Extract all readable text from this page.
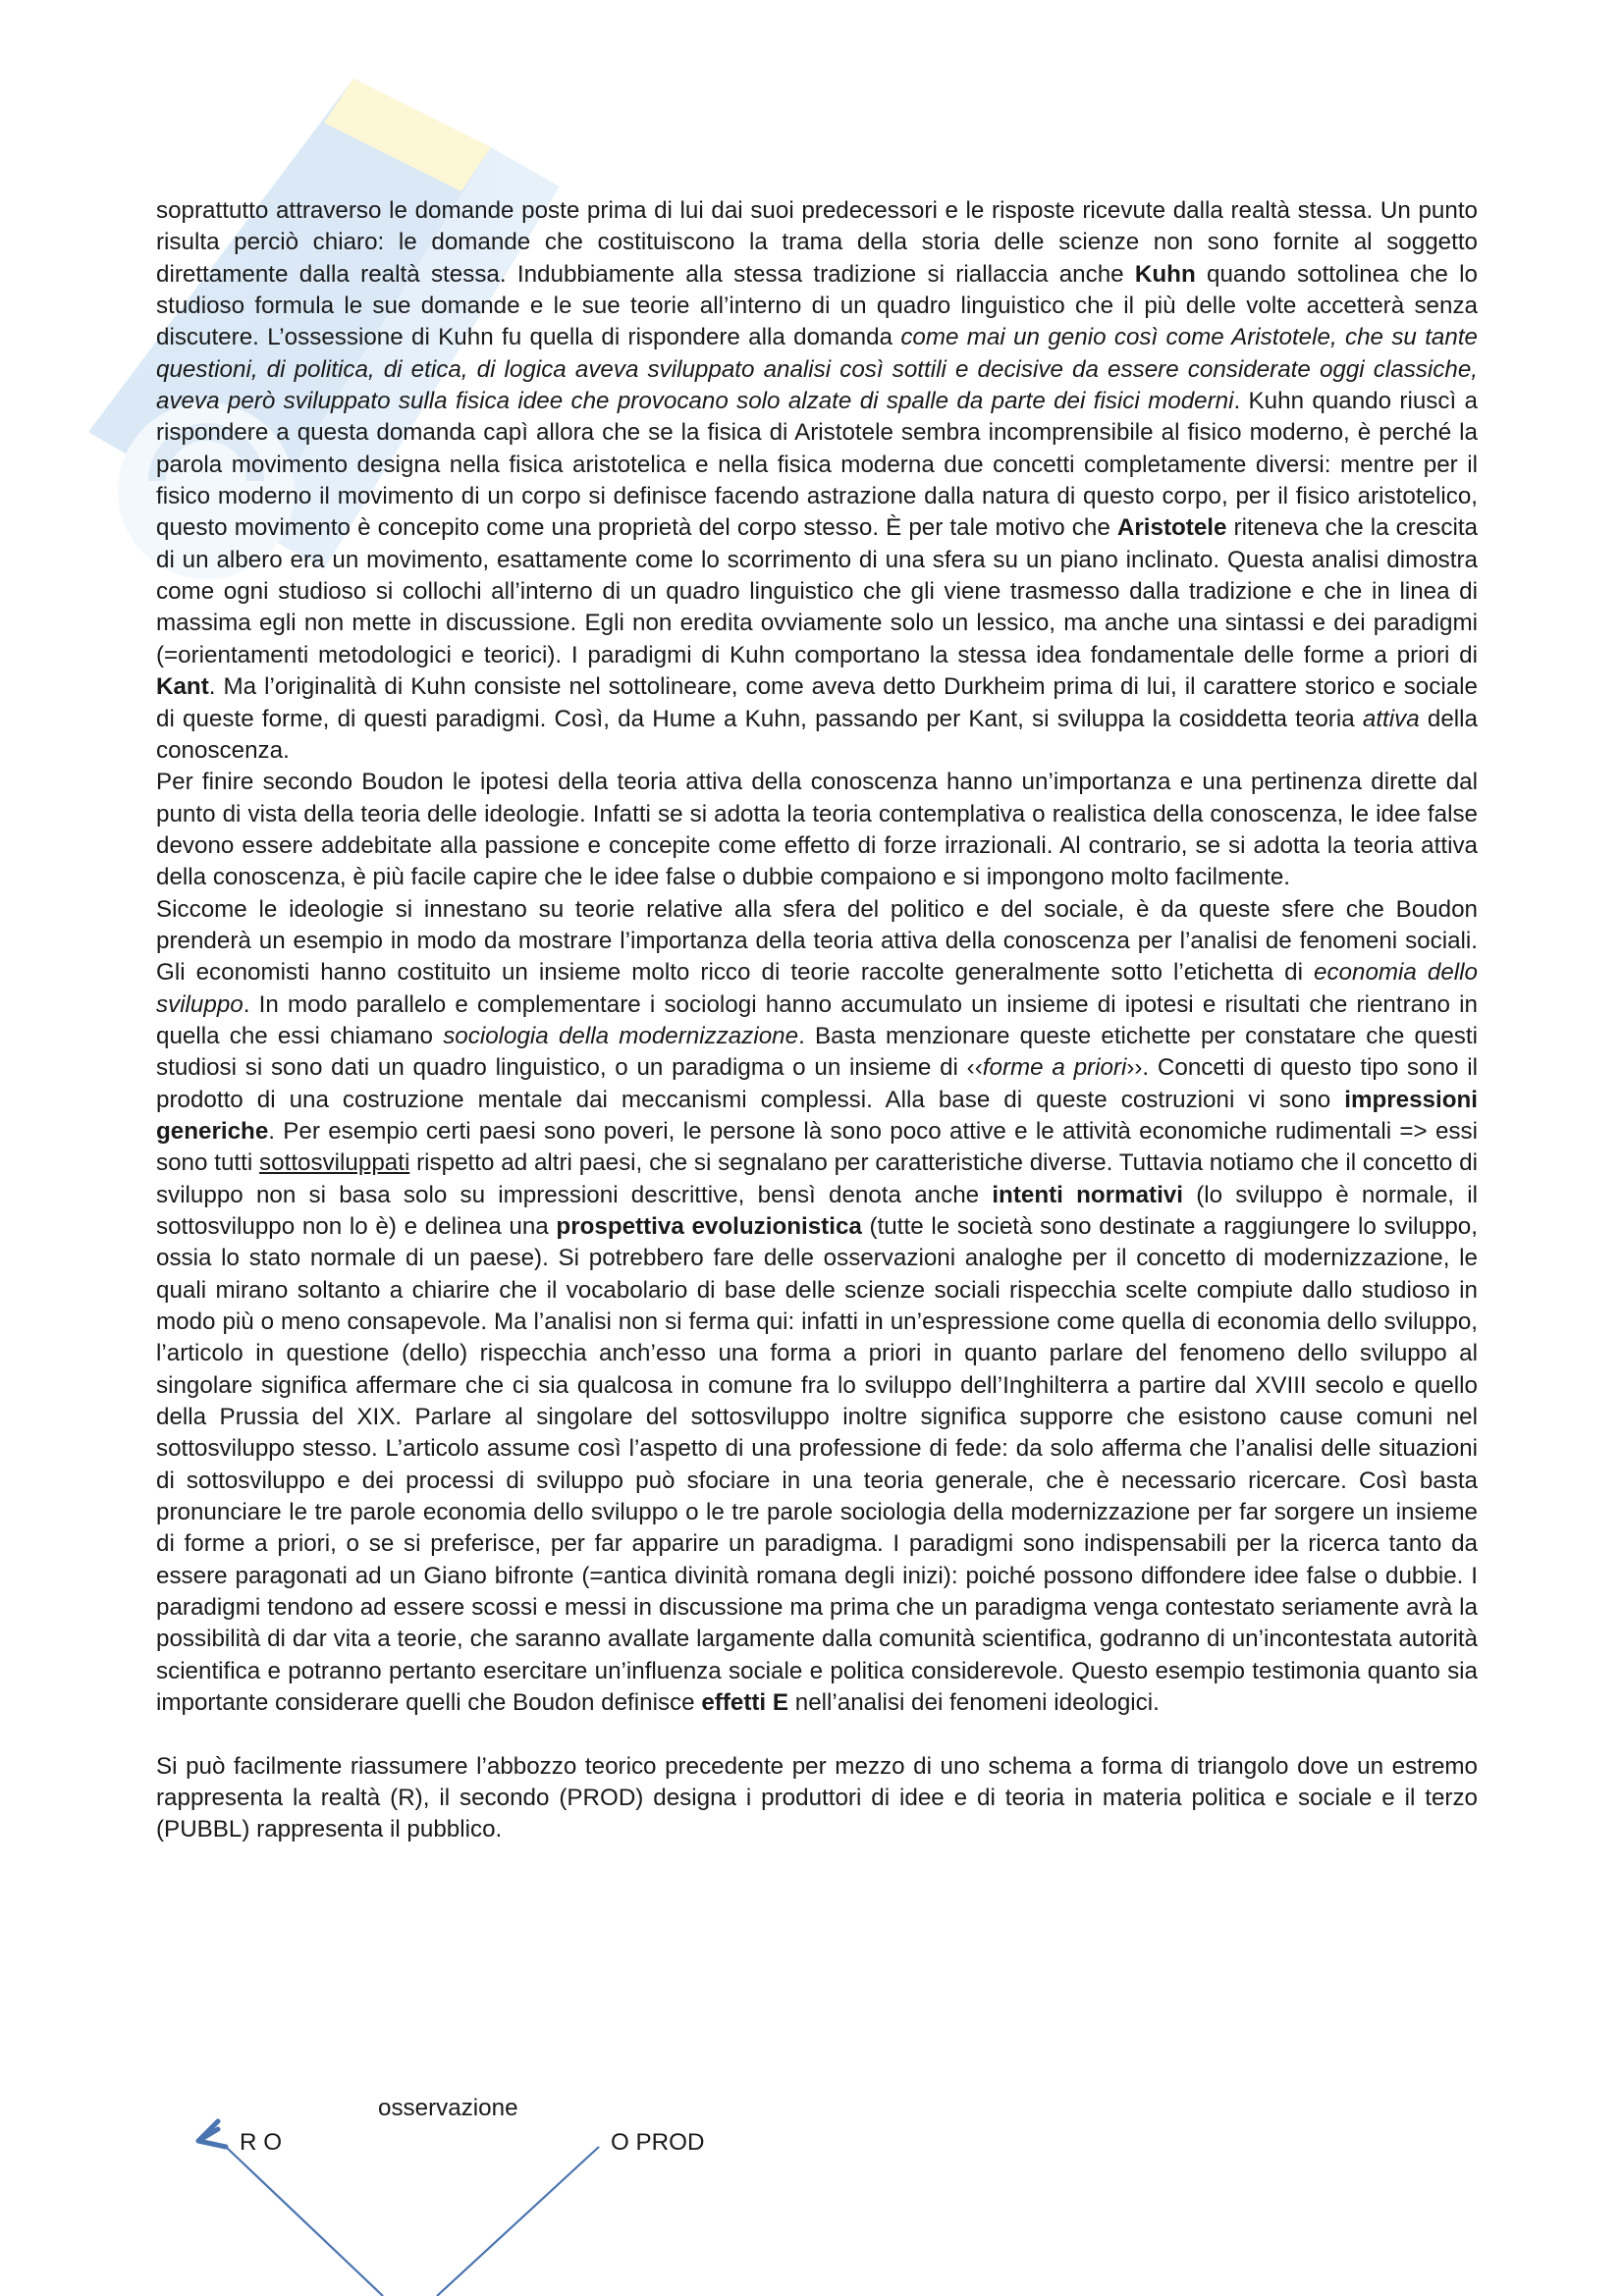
soprattutto attraverso le domande poste prima di lui dai suoi predecessori e le risposte ricevute dalla realtà stessa. Un punto risulta perciò chiaro: le domande che costituiscono la trama della storia delle scienze non sono fornite al soggetto direttamente dalla realtà stessa. Indubbiamente alla stessa tradizione si riallaccia anche Kuhn quando sottolinea che lo studioso formula le sue domande e le sue teorie all’interno di un quadro linguistico che il più delle volte accetterà senza discutere. L’ossessione di Kuhn fu quella di rispondere alla domanda come mai un genio così come Aristotele, che su tante questioni, di politica, di etica, di logica aveva sviluppato analisi così sottili e decisive da essere considerate oggi classiche, aveva però sviluppato sulla fisica idee che provocano solo alzate di spalle da parte dei fisici moderni. Kuhn quando riuscì a rispondere a questa domanda capì allora che se la fisica di Aristotele sembra incomprensibile al fisico moderno, è perché la parola movimento designa nella fisica aristotelica e nella fisica moderna due concetti completamente diversi: mentre per il fisico moderno il movimento di un corpo si definisce facendo astrazione dalla natura di questo corpo, per il fisico aristotelico, questo movimento è concepito come una proprietà del corpo stesso. È per tale motivo che Aristotele riteneva che la crescita di un albero era un movimento, esattamente come lo scorrimento di una sfera su un piano inclinato. Questa analisi dimostra come ogni studioso si collochi all’interno di un quadro linguistico che gli viene trasmesso dalla tradizione e che in linea di massima egli non mette in discussione. Egli non eredita ovviamente solo un lessico, ma anche una sintassi e dei paradigmi (=orientamenti metodologici e teorici). I paradigmi di Kuhn comportano la stessa idea fondamentale delle forme a priori di Kant. Ma l’originalità di Kuhn consiste nel sottolineare, come aveva detto Durkheim prima di lui, il carattere storico e sociale di queste forme, di questi paradigmi. Così, da Hume a Kuhn, passando per Kant, si sviluppa la cosiddetta teoria attiva della conoscenza.

Per finire secondo Boudon le ipotesi della teoria attiva della conoscenza hanno un’importanza e una pertinenza dirette dal punto di vista della teoria delle ideologie. Infatti se si adotta la teoria contemplativa o realistica della conoscenza, le idee false devono essere addebitate alla passione e concepite come effetto di forze irrazionali. Al contrario, se si adotta la teoria attiva della conoscenza, è più facile capire che le idee false o dubbie compaiono e si impongono molto facilmente.

Siccome le ideologie si innestano su teorie relative alla sfera del politico e del sociale, è da queste sfere che Boudon prenderà un esempio in modo da mostrare l’importanza della teoria attiva della conoscenza per l’analisi de fenomeni sociali. Gli economisti hanno costituito un insieme molto ricco di teorie raccolte generalmente sotto l’etichetta di economia dello sviluppo. In modo parallelo e complementare i sociologi hanno accumulato un insieme di ipotesi e risultati che rientrano in quella che essi chiamano sociologia della modernizzazione. Basta menzionare queste etichette per constatare che questi studiosi si sono dati un quadro linguistico, o un paradigma o un insieme di ‹‹forme a priori››. Concetti di questo tipo sono il prodotto di una costruzione mentale dai meccanismi complessi. Alla base di queste costruzioni vi sono impressioni generiche. Per esempio certi paesi sono poveri, le persone là sono poco attive e le attività economiche rudimentali => essi sono tutti sottosviluppati rispetto ad altri paesi, che si segnalano per caratteristiche diverse. Tuttavia notiamo che il concetto di sviluppo non si basa solo su impressioni descrittive, bensì denota anche intenti normativi (lo sviluppo è normale, il sottosviluppo non lo è) e delinea una prospettiva evoluzionistica (tutte le società sono destinate a raggiungere lo sviluppo, ossia lo stato normale di un paese). Si potrebbero fare delle osservazioni analoghe per il concetto di modernizzazione, le quali mirano soltanto a chiarire che il vocabolario di base delle scienze sociali rispecchia scelte compiute dallo studioso in modo più o meno consapevole. Ma l’analisi non si ferma qui: infatti in un’espressione come quella di economia dello sviluppo, l’articolo in questione (dello) rispecchia anch’esso una forma a priori in quanto parlare del fenomeno dello sviluppo al singolare significa affermare che ci sia qualcosa in comune fra lo sviluppo dell’Inghilterra a partire dal XVIII secolo e quello della Prussia del XIX. Parlare al singolare del sottosviluppo inoltre significa supporre che esistono cause comuni nel sottosviluppo stesso. L’articolo assume così l’aspetto di una professione di fede: da solo afferma che l’analisi delle situazioni di sottosviluppo e dei processi di sviluppo può sfociare in una teoria generale, che è necessario ricercare. Così basta pronunciare le tre parole economia dello sviluppo o le tre parole sociologia della modernizzazione per far sorgere un insieme di forme a priori, o se si preferisce, per far apparire un paradigma. I paradigmi sono indispensabili per la ricerca tanto da essere paragonati ad un Giano bifronte (=antica divinità romana degli inizi): poiché possono diffondere idee false o dubbie. I paradigmi tendono ad essere scossi e messi in discussione ma prima che un paradigma venga contestato seriamente avrà la possibilità di dar vita a teorie, che saranno avallate largamente dalla comunità scientifica, godranno di un’incontestata autorità scientifica e potranno pertanto esercitare un’influenza sociale e politica considerevole. Questo esempio testimonia quanto sia importante considerare quelli che Boudon definisce effetti E nell’analisi dei fenomeni ideologici.

Si può facilmente riassumere l’abbozzo teorico precedente per mezzo di uno schema a forma di triangolo dove un estremo rappresenta la realtà (R), il secondo (PROD) designa i produttori di idee e di teoria in materia politica e sociale e il terzo (PUBBL) rappresenta il pubblico.

osservazione
R O	O PROD
